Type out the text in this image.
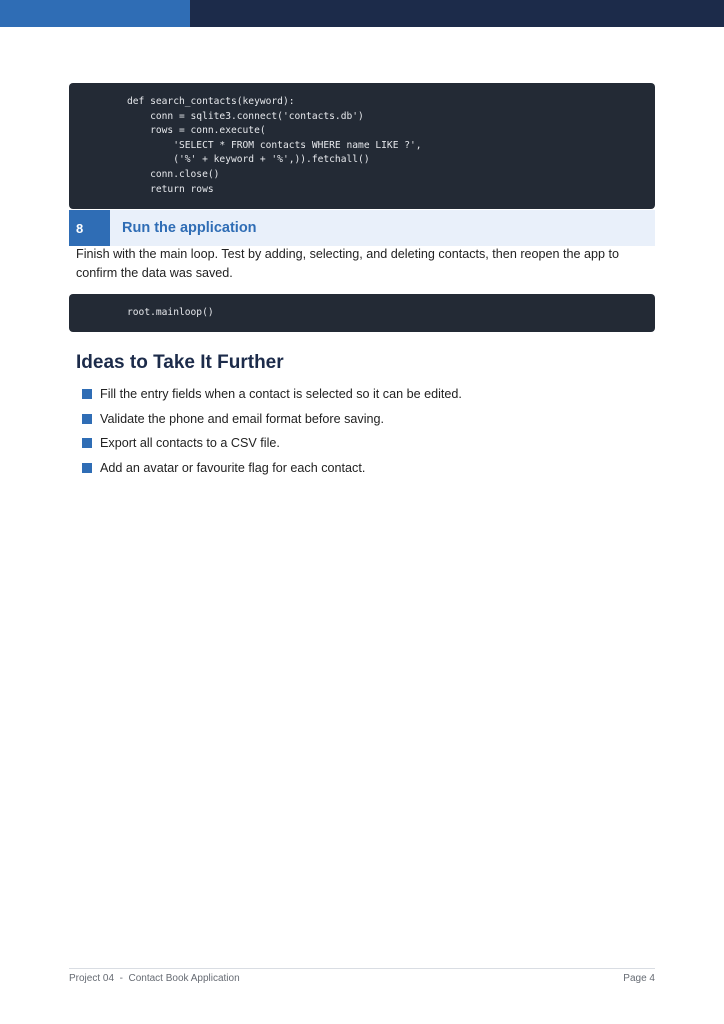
def search_contacts(keyword):
conn = sqlite3.connect('contacts.db')
rows = conn.execute(
'SELECT * FROM contacts WHERE name LIKE ?',
('%' + keyword + '%',)).fetchall()
conn.close()
return rows
8	Run the application

Finish with the main loop. Test by adding, selecting, and deleting contacts, then reopen the app to confirm the data was saved.

root.mainloop()
Ideas to Take It Further
Fill the entry fields when a contact is selected so it can be edited.
Validate the phone and email format before saving.
Export all contacts to a CSV file.
Add an avatar or favourite flag for each contact.
Project 04  -  Contact Book Application	Page 4
